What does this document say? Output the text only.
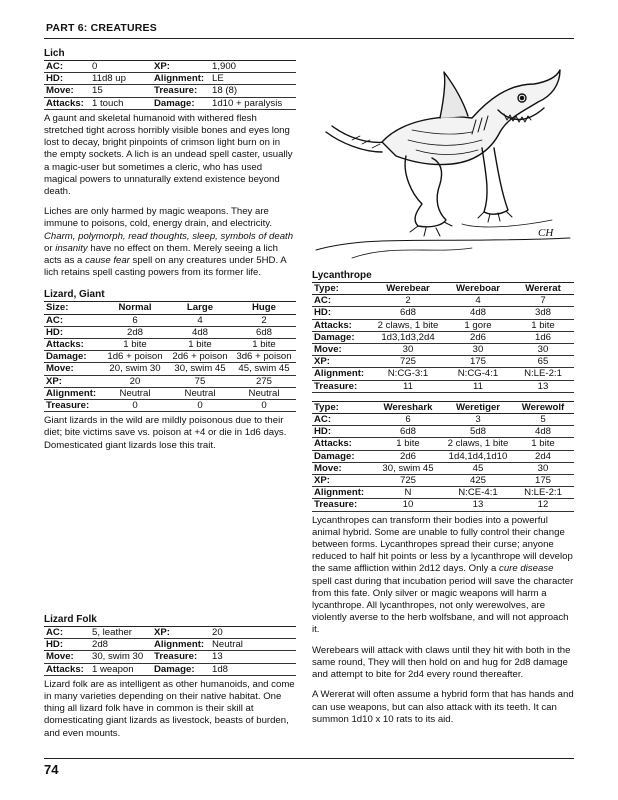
PART 6: CREATURES
Lich
AC:	0	XP:	1,900
HD:	11d8 up	Alignment:	LE
Move:	15	Treasure:	18 (8)
Attacks:	1 touch	Damage:	1d10 + paralysis

A gaunt and skeletal humanoid with withered flesh stretched tight across horribly visible bones and eyes long lost to decay, bright pinpoints of crimson light burn on in the empty sockets. A lich is an undead spell caster, usually a magic-user but sometimes a cleric, who has used magical powers to unnaturally extend existence beyond death.

Liches are only harmed by magic weapons. They are immune to poisons, cold, energy drain, and electricity. Charm, polymorph, read thoughts, sleep, symbols of death or insanity have no effect on them. Merely seeing a lich acts as a cause fear spell on any creatures under 5HD. A lich retains spell casting powers from its former life.

Lizard, Giant
Size:	Normal	Large	Huge
AC:	6	4	2
HD:	2d8	4d8	6d8
Attacks:	1 bite	1 bite	1 bite
Damage:	1d6 + poison	2d6 + poison	3d6 + poison
Move:	20, swim 30	30, swim 45	45, swim 45
XP:	20	75	275
Alignment:	Neutral	Neutral	Neutral
Treasure:	0	0	0

Giant lizards in the wild are mildly poisonous due to their diet; bite victims save vs. poison at +4 or die in 1d6 days. Domesticated giant lizards lose this trait.

Lizard Folk
AC:	5, leather	XP:	20
HD:	2d8	Alignment:	Neutral
Move:	30, swim 30	Treasure:	13
Attacks:	1 weapon	Damage:	1d8

Lizard folk are as intelligent as other humanoids, and come in many varieties depending on their native habitat. One thing all lizard folk have in common is their skill at domesticating giant lizards as livestock, beasts of burden, and even mounts.

CH
Lycanthrope
Type:	Werebear	Wereboar	Wererat
AC:	2	4	7
HD:	6d8	4d8	3d8
Attacks:	2 claws, 1 bite	1 gore	1 bite
Damage:	1d3,1d3,2d4	2d6	1d6
Move:	30	30	30
XP:	725	175	65
Alignment:	N:CG-3:1	N:CG-4:1	N:LE-2:1
Treasure:	11	11	13
Type:	Wereshark	Weretiger	Werewolf
AC:	6	3	5
HD:	6d8	5d8	4d8
Attacks:	1 bite	2 claws, 1 bite	1 bite
Damage:	2d6	1d4,1d4,1d10	2d4
Move:	30, swim 45	45	30
XP:	725	425	175
Alignment:	N	N:CE-4:1	N:LE-2:1
Treasure:	10	13	12

Lycanthropes can transform their bodies into a powerful animal hybrid. Some are unable to fully control their change between forms. Lycanthropes spread their curse; anyone reduced to half hit points or less by a lycanthrope will develop the same affliction within 2d12 days. Only a cure disease spell cast during that incubation period will save the character from this fate. Only silver or magic weapons will harm a lycanthrope. All lycanthropes, not only werewolves, are violently averse to the herb wolfsbane, and will not approach it.

Werebears will attack with claws until they hit with both in the same round, They will then hold on and hug for 2d8 damage and attempt to bite for 2d4 every round thereafter.

A Wererat will often assume a hybrid form that has hands and can use weapons, but can also attack with its teeth. It can summon 1d10 x 10 rats to its aid.

74
